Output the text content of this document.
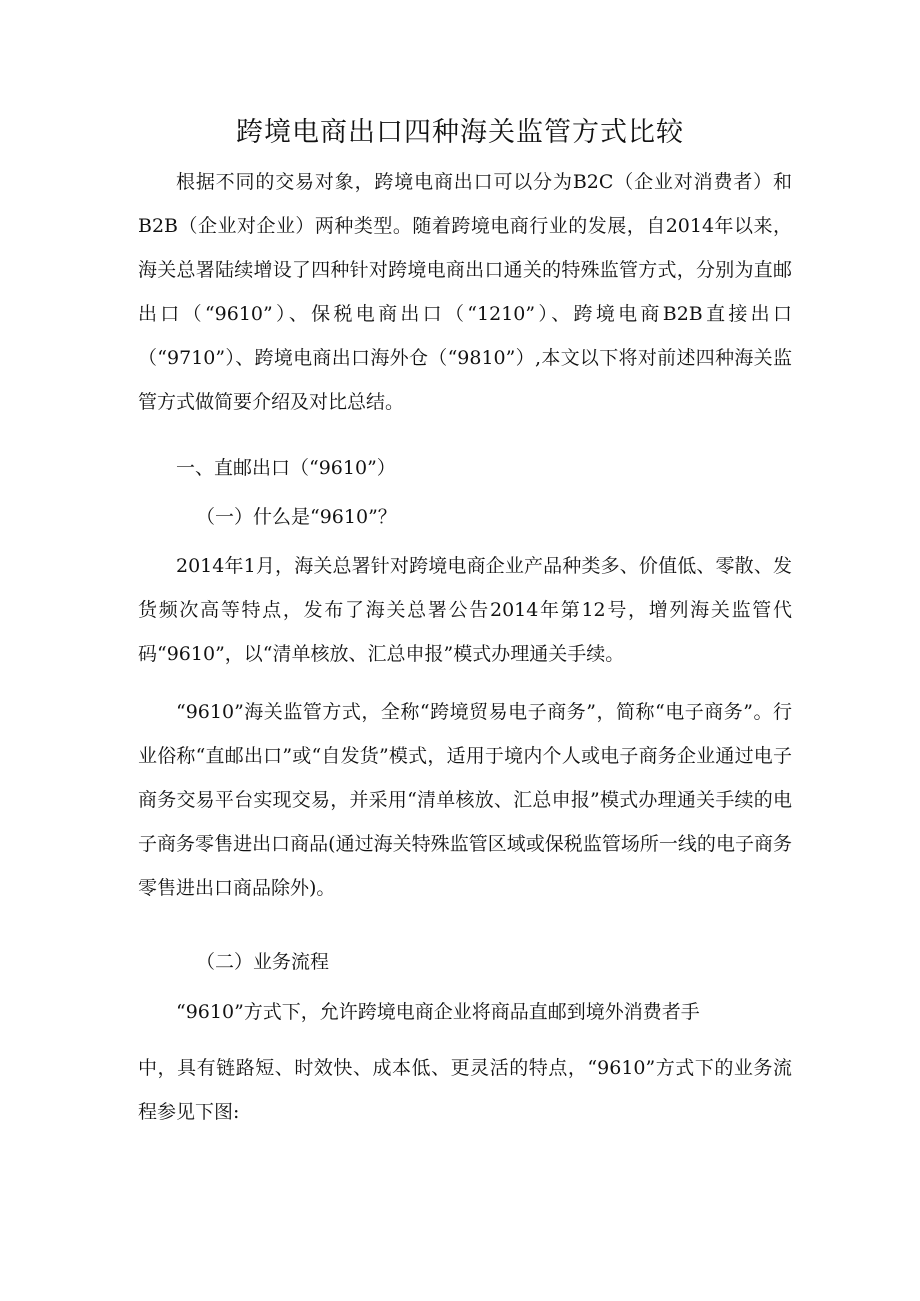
跨境电商出口四种海关监管方式比较

根据不同的交易对象，跨境电商出口可以分为B2C（企业对消费者）和B2B（企业对企业）两种类型。随着跨境电商行业的发展，自2014年以来，海关总署陆续增设了四种针对跨境电商出口通关的特殊监管方式，分别为直邮出口（“9610”）、保税电商出口（“1210”）、跨境电商B2B直接出口（“9710”）、跨境电商出口海外仓（“9810”）,本文以下将对前述四种海关监管方式做简要介绍及对比总结。

一、直邮出口（“9610”）

（一）什么是“9610”？

2014年1月，海关总署针对跨境电商企业产品种类多、价值低、零散、发货频次高等特点，发布了海关总署公告2014年第12号，增列海关监管代码“9610”，以“清单核放、汇总申报”模式办理通关手续。

“9610”海关监管方式，全称“跨境贸易电子商务”，简称“电子商务”。行业俗称“直邮出口”或“自发货”模式，适用于境内个人或电子商务企业通过电子商务交易平台实现交易，并采用“清单核放、汇总申报”模式办理通关手续的电子商务零售进出口商品(通过海关特殊监管区域或保税监管场所一线的电子商务零售进出口商品除外)。

（二）业务流程

“9610”方式下，允许跨境电商企业将商品直邮到境外消费者手

中，具有链路短、时效快、成本低、更灵活的特点，“9610”方式下的业务流程参见下图:
